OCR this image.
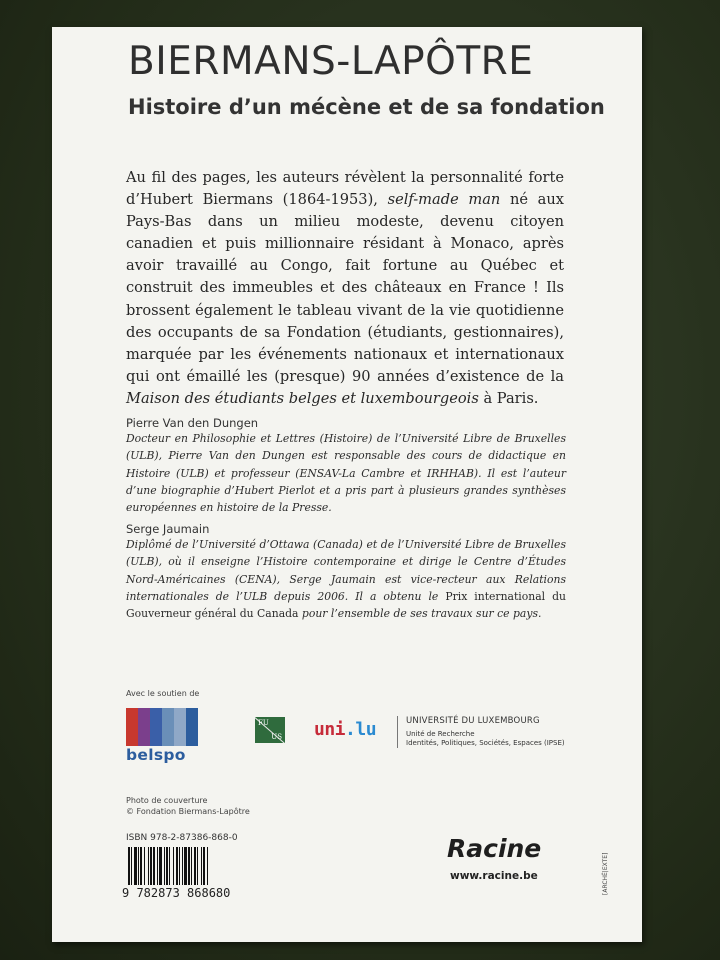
BIERMANS-LAPÔTRE
Histoire d’un mécène et de sa fondation

Au fil des pages, les auteurs révèlent la personnalité forte d’Hubert Biermans (1864-1953), self-made man né aux Pays-Bas dans un milieu modeste, devenu citoyen canadien et puis millionnaire résidant à Monaco, après avoir travaillé au Congo, fait fortune au Québec et construit des immeubles et des châteaux en France ! Ils brossent également le tableau vivant de la vie quotidienne des occupants de sa Fondation (étudiants, gestionnaires), marquée par les événements nationaux et internationaux qui ont émaillé les (presque) 90 années d’existence de la Maison des étudiants belges et luxembourgeois à Paris.

Pierre Van den Dungen

Docteur en Philosophie et Lettres (Histoire) de l’Université Libre de Bruxelles (ULB), Pierre Van den Dungen est responsable des cours de didactique en Histoire (ULB) et professeur (ENSAV-La Cambre et IRHHAB). Il est l’auteur d’une biographie d’Hubert Pierlot et a pris part à plusieurs grandes synthèses européennes en histoire de la Presse.

Serge Jaumain

Diplômé de l’Université d’Ottawa (Canada) et de l’Université Libre de Bruxelles (ULB), où il enseigne l’Histoire contemporaine et dirige le Centre d’Études Nord-Américaines (CENA), Serge Jaumain est vice-recteur aux Relations internationales de l’ULB depuis 2006. Il a obtenu le Prix international du Gouverneur général du Canada pour l’ensemble de ses travaux sur ce pays.

Avec le soutien de
belspo
FU
US uni.lu	UNIVERSITÉ DU LUXEMBOURG
Unité de Recherche
Identités, Politiques, Sociétés, Espaces (IPSE)
Photo de couverture
© Fondation Biermans-Lapôtre
ISBN 978-2-87386-868-0
9 782873 868680
Racine
www.racine.be	[ARCHÉ|EXTE]
